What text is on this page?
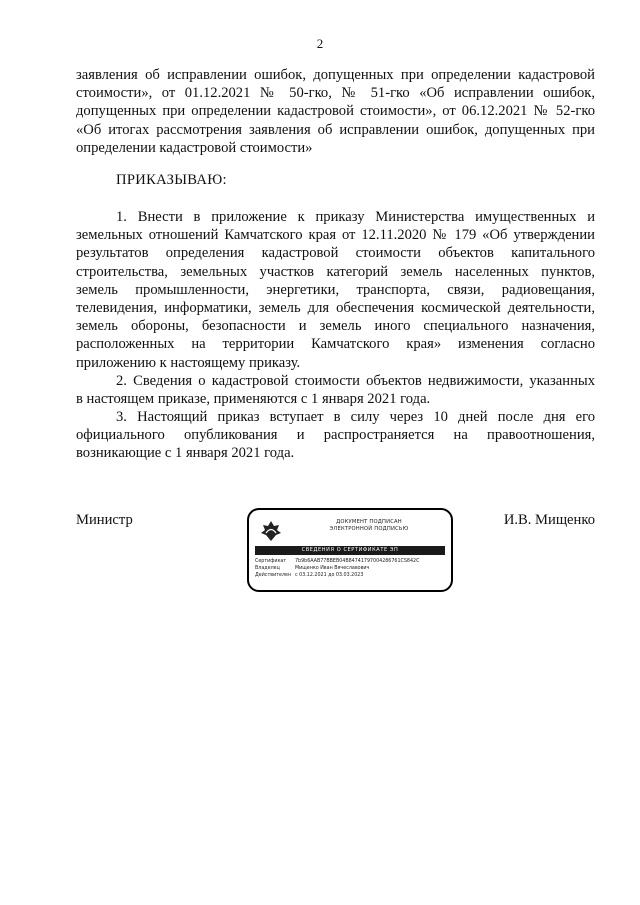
2
заявления об исправлении ошибок, допущенных при определении кадастровой
стоимости», от 01.12.2021 № 50-гко, № 51-гко «Об исправлении ошибок,
допущенных при определении кадастровой стоимости», от 06.12.2021 № 52-гко
«Об итогах рассмотрения заявления об исправлении ошибок, допущенных при
определении кадастровой стоимости»
ПРИКАЗЫВАЮ:
1. Внести в приложение к приказу Министерства имущественных и
земельных отношений Камчатского края от 12.11.2020 № 179 «Об утверждении
результатов определения кадастровой стоимости объектов капитального
строительства, земельных участков категорий земель населенных пунктов,
земель промышленности, энергетики, транспорта, связи, радиовещания,
телевидения, информатики, земель для обеспечения космической деятельности,
земель обороны, безопасности и земель иного специального назначения,
расположенных на территории Камчатского края» изменения согласно
приложению к настоящему приказу.
2. Сведения о кадастровой стоимости объектов недвижимости, указанных
в настоящем приказе, применяются с 1 января 2021 года.
3. Настоящий приказ вступает в силу через 10 дней после дня его
официального опубликования и распространяется на правоотношения,
возникающие с 1 января 2021 года.
Министр	И.В. Мищенко
ДОКУМЕНТ ПОДПИСАН
ЭЛЕКТРОННОЙ ПОДПИСЬЮ
СВЕДЕНИЯ О СЕРТИФИКАТЕ ЭП
Сертификат	7b9b6AAB77BBEB04B84741797004286761CS842C
Владелец	Мищенко Иван Вячеславович
Действителен с 03.12.2021 до 03.03.2023
